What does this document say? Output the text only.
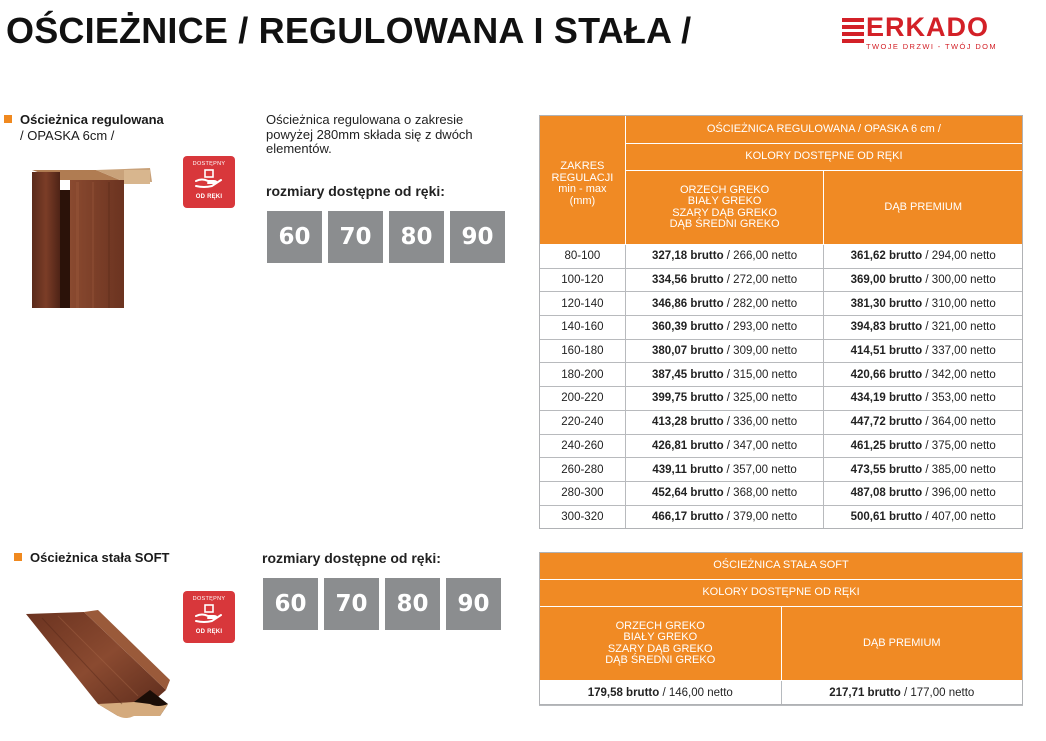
OŚCIEŻNICE / REGULOWANA I STAŁA /	ERKADO
TWOJE DRZWI - TWÓJ DOM
Ościeżnica regulowana
/ OPASKA 6cm /
DOSTĘPNY
OD RĘKI
Ościeżnica regulowana o zakresie powyżej 280mm składa się z dwóch elementów.
rozmiary dostępne od ręki:
60	70	80	90
ZAKRES
REGULACJI
min - max
(mm)	OŚCIEŻNICA REGULOWANA / OPASKA 6 cm /	
	KOLORY DOSTĘPNE OD RĘKI	
	ORZECH GREKO
BIAŁY GREKO
SZARY DĄB GREKO
DĄB ŚREDNI GREKO	DĄB PREMIUM
80-100	327,18 brutto / 266,00 netto	361,62 brutto / 294,00 netto
100-120	334,56 brutto / 272,00 netto	369,00 brutto / 300,00 netto
120-140	346,86 brutto / 282,00 netto	381,30 brutto / 310,00 netto
140-160	360,39 brutto / 293,00 netto	394,83 brutto / 321,00 netto
160-180	380,07 brutto / 309,00 netto	414,51 brutto / 337,00 netto
180-200	387,45 brutto / 315,00 netto	420,66 brutto / 342,00 netto
200-220	399,75 brutto / 325,00 netto	434,19 brutto / 353,00 netto
220-240	413,28 brutto / 336,00 netto	447,72 brutto / 364,00 netto
240-260	426,81 brutto / 347,00 netto	461,25 brutto / 375,00 netto
260-280	439,11 brutto / 357,00 netto	473,55 brutto / 385,00 netto
280-300	452,64 brutto / 368,00 netto	487,08 brutto / 396,00 netto
300-320	466,17 brutto / 379,00 netto	500,61 brutto / 407,00 netto
Ościeżnica stała SOFT
DOSTĘPNY
OD RĘKI
rozmiary dostępne od ręki:
60	70	80	90
OŚCIEŻNICA STAŁA SOFT	
KOLORY DOSTĘPNE OD RĘKI	
ORZECH GREKO
BIAŁY GREKO
SZARY DĄB GREKO
DĄB ŚREDNI GREKO	DĄB PREMIUM
179,58 brutto / 146,00 netto	217,71 brutto / 177,00 netto
